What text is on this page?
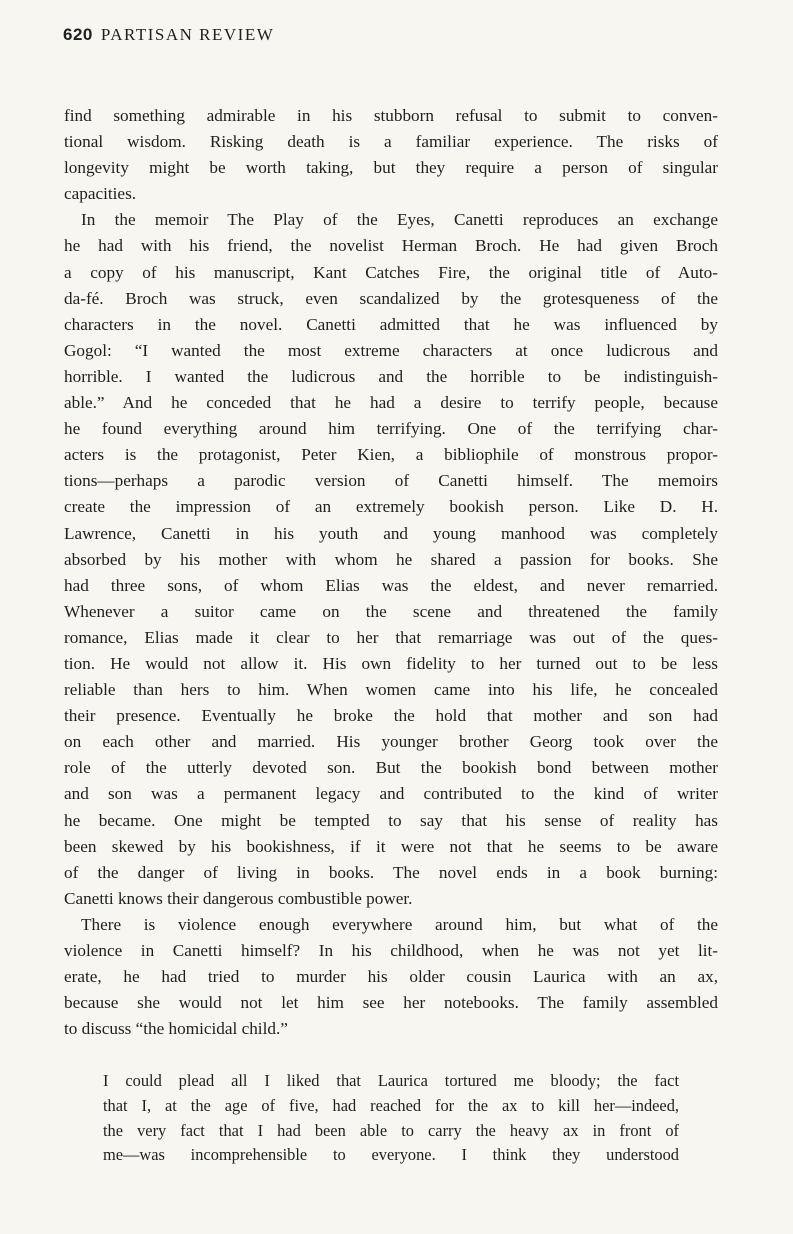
620 PARTISAN REVIEW
find something admirable in his stubborn refusal to submit to conven-
tional wisdom. Risking death is a familiar experience. The risks of
longevity might be worth taking, but they require a person of singular
capacities.
In the memoir The Play of the Eyes, Canetti reproduces an exchange
he had with his friend, the novelist Herman Broch. He had given Broch
a copy of his manuscript, Kant Catches Fire, the original title of Auto-
da-fé. Broch was struck, even scandalized by the grotesqueness of the
characters in the novel. Canetti admitted that he was influenced by
Gogol: “I wanted the most extreme characters at once ludicrous and
horrible. I wanted the ludicrous and the horrible to be indistinguish-
able.” And he conceded that he had a desire to terrify people, because
he found everything around him terrifying. One of the terrifying char-
acters is the protagonist, Peter Kien, a bibliophile of monstrous propor-
tions—perhaps a parodic version of Canetti himself. The memoirs
create the impression of an extremely bookish person. Like D. H.
Lawrence, Canetti in his youth and young manhood was completely
absorbed by his mother with whom he shared a passion for books. She
had three sons, of whom Elias was the eldest, and never remarried.
Whenever a suitor came on the scene and threatened the family
romance, Elias made it clear to her that remarriage was out of the ques-
tion. He would not allow it. His own fidelity to her turned out to be less
reliable than hers to him. When women came into his life, he concealed
their presence. Eventually he broke the hold that mother and son had
on each other and married. His younger brother Georg took over the
role of the utterly devoted son. But the bookish bond between mother
and son was a permanent legacy and contributed to the kind of writer
he became. One might be tempted to say that his sense of reality has
been skewed by his bookishness, if it were not that he seems to be aware
of the danger of living in books. The novel ends in a book burning:
Canetti knows their dangerous combustible power.
There is violence enough everywhere around him, but what of the
violence in Canetti himself? In his childhood, when he was not yet lit-
erate, he had tried to murder his older cousin Laurica with an ax,
because she would not let him see her notebooks. The family assembled
to discuss “the homicidal child.”
I could plead all I liked that Laurica tortured me bloody; the fact
that I, at the age of five, had reached for the ax to kill her—indeed,
the very fact that I had been able to carry the heavy ax in front of
me—was incomprehensible to everyone. I think they understood
